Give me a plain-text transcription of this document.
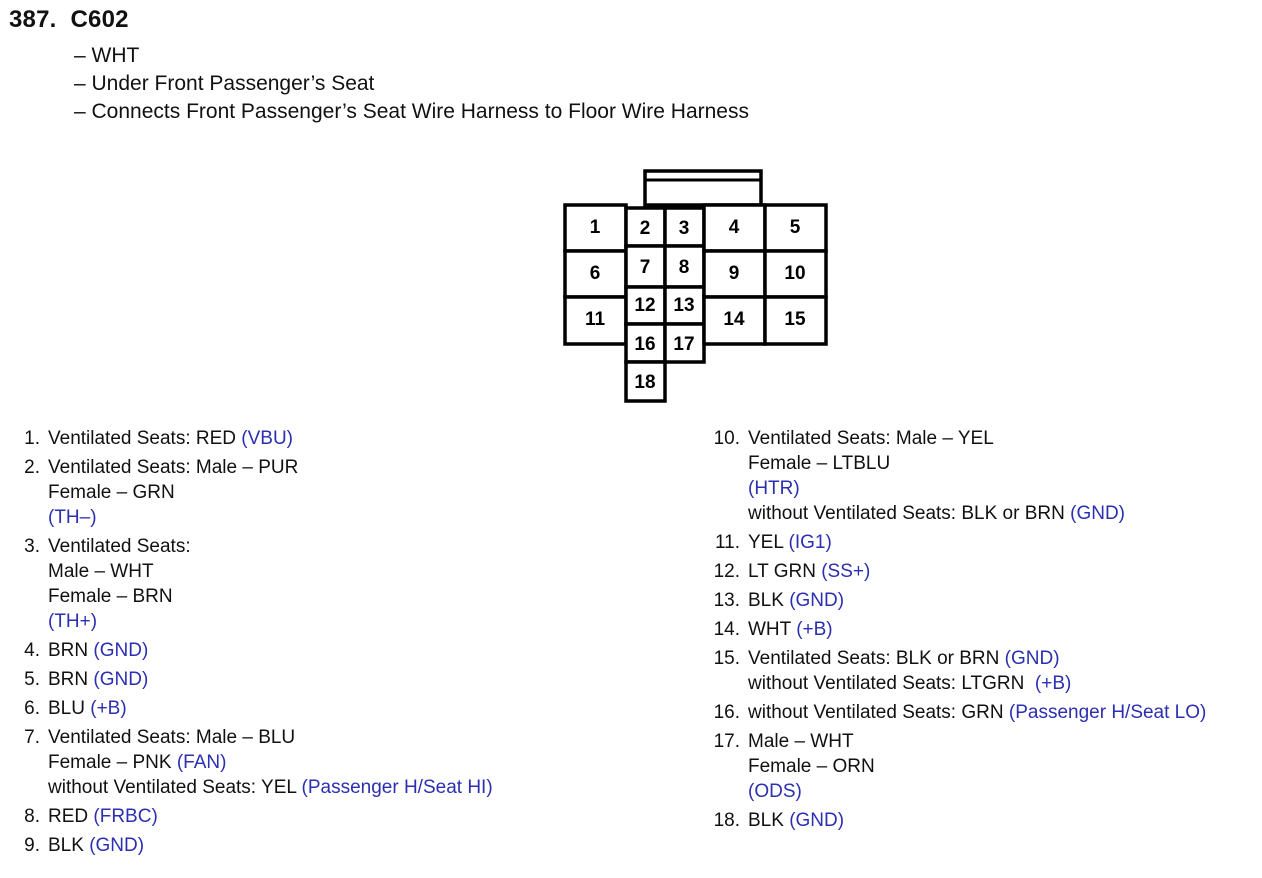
387. C602
– WHT
– Under Front Passenger’s Seat
– Connects Front Passenger’s Seat Wire Harness to Floor Wire Harness
1 2 3 4	5
6 7 8 9 10
11
12 13
14 15
16 17
18
1. Ventilated Seats: RED (VBU)
2. Ventilated Seats: Male – PUR
Female – GRN
(TH–)
3. Ventilated Seats:
Male – WHT
Female – BRN
(TH+)
4. BRN (GND)
5. BRN (GND)
6. BLU (+B)
7. Ventilated Seats: Male – BLU
Female – PNK (FAN)
without Ventilated Seats: YEL (Passenger H/Seat HI)
8. RED (FRBC)
9. BLK (GND)
10. Ventilated Seats: Male – YEL
Female – LTBLU
(HTR)
without Ventilated Seats: BLK or BRN (GND)
11. YEL (IG1)
12. LT GRN (SS+)
13. BLK (GND)
14. WHT (+B)
15. Ventilated Seats: BLK or BRN (GND)
without Ventilated Seats: LTGRN  (+B)
16. without Ventilated Seats: GRN (Passenger H/Seat LO)
17. Male – WHT
Female – ORN
(ODS)
18. BLK (GND)
